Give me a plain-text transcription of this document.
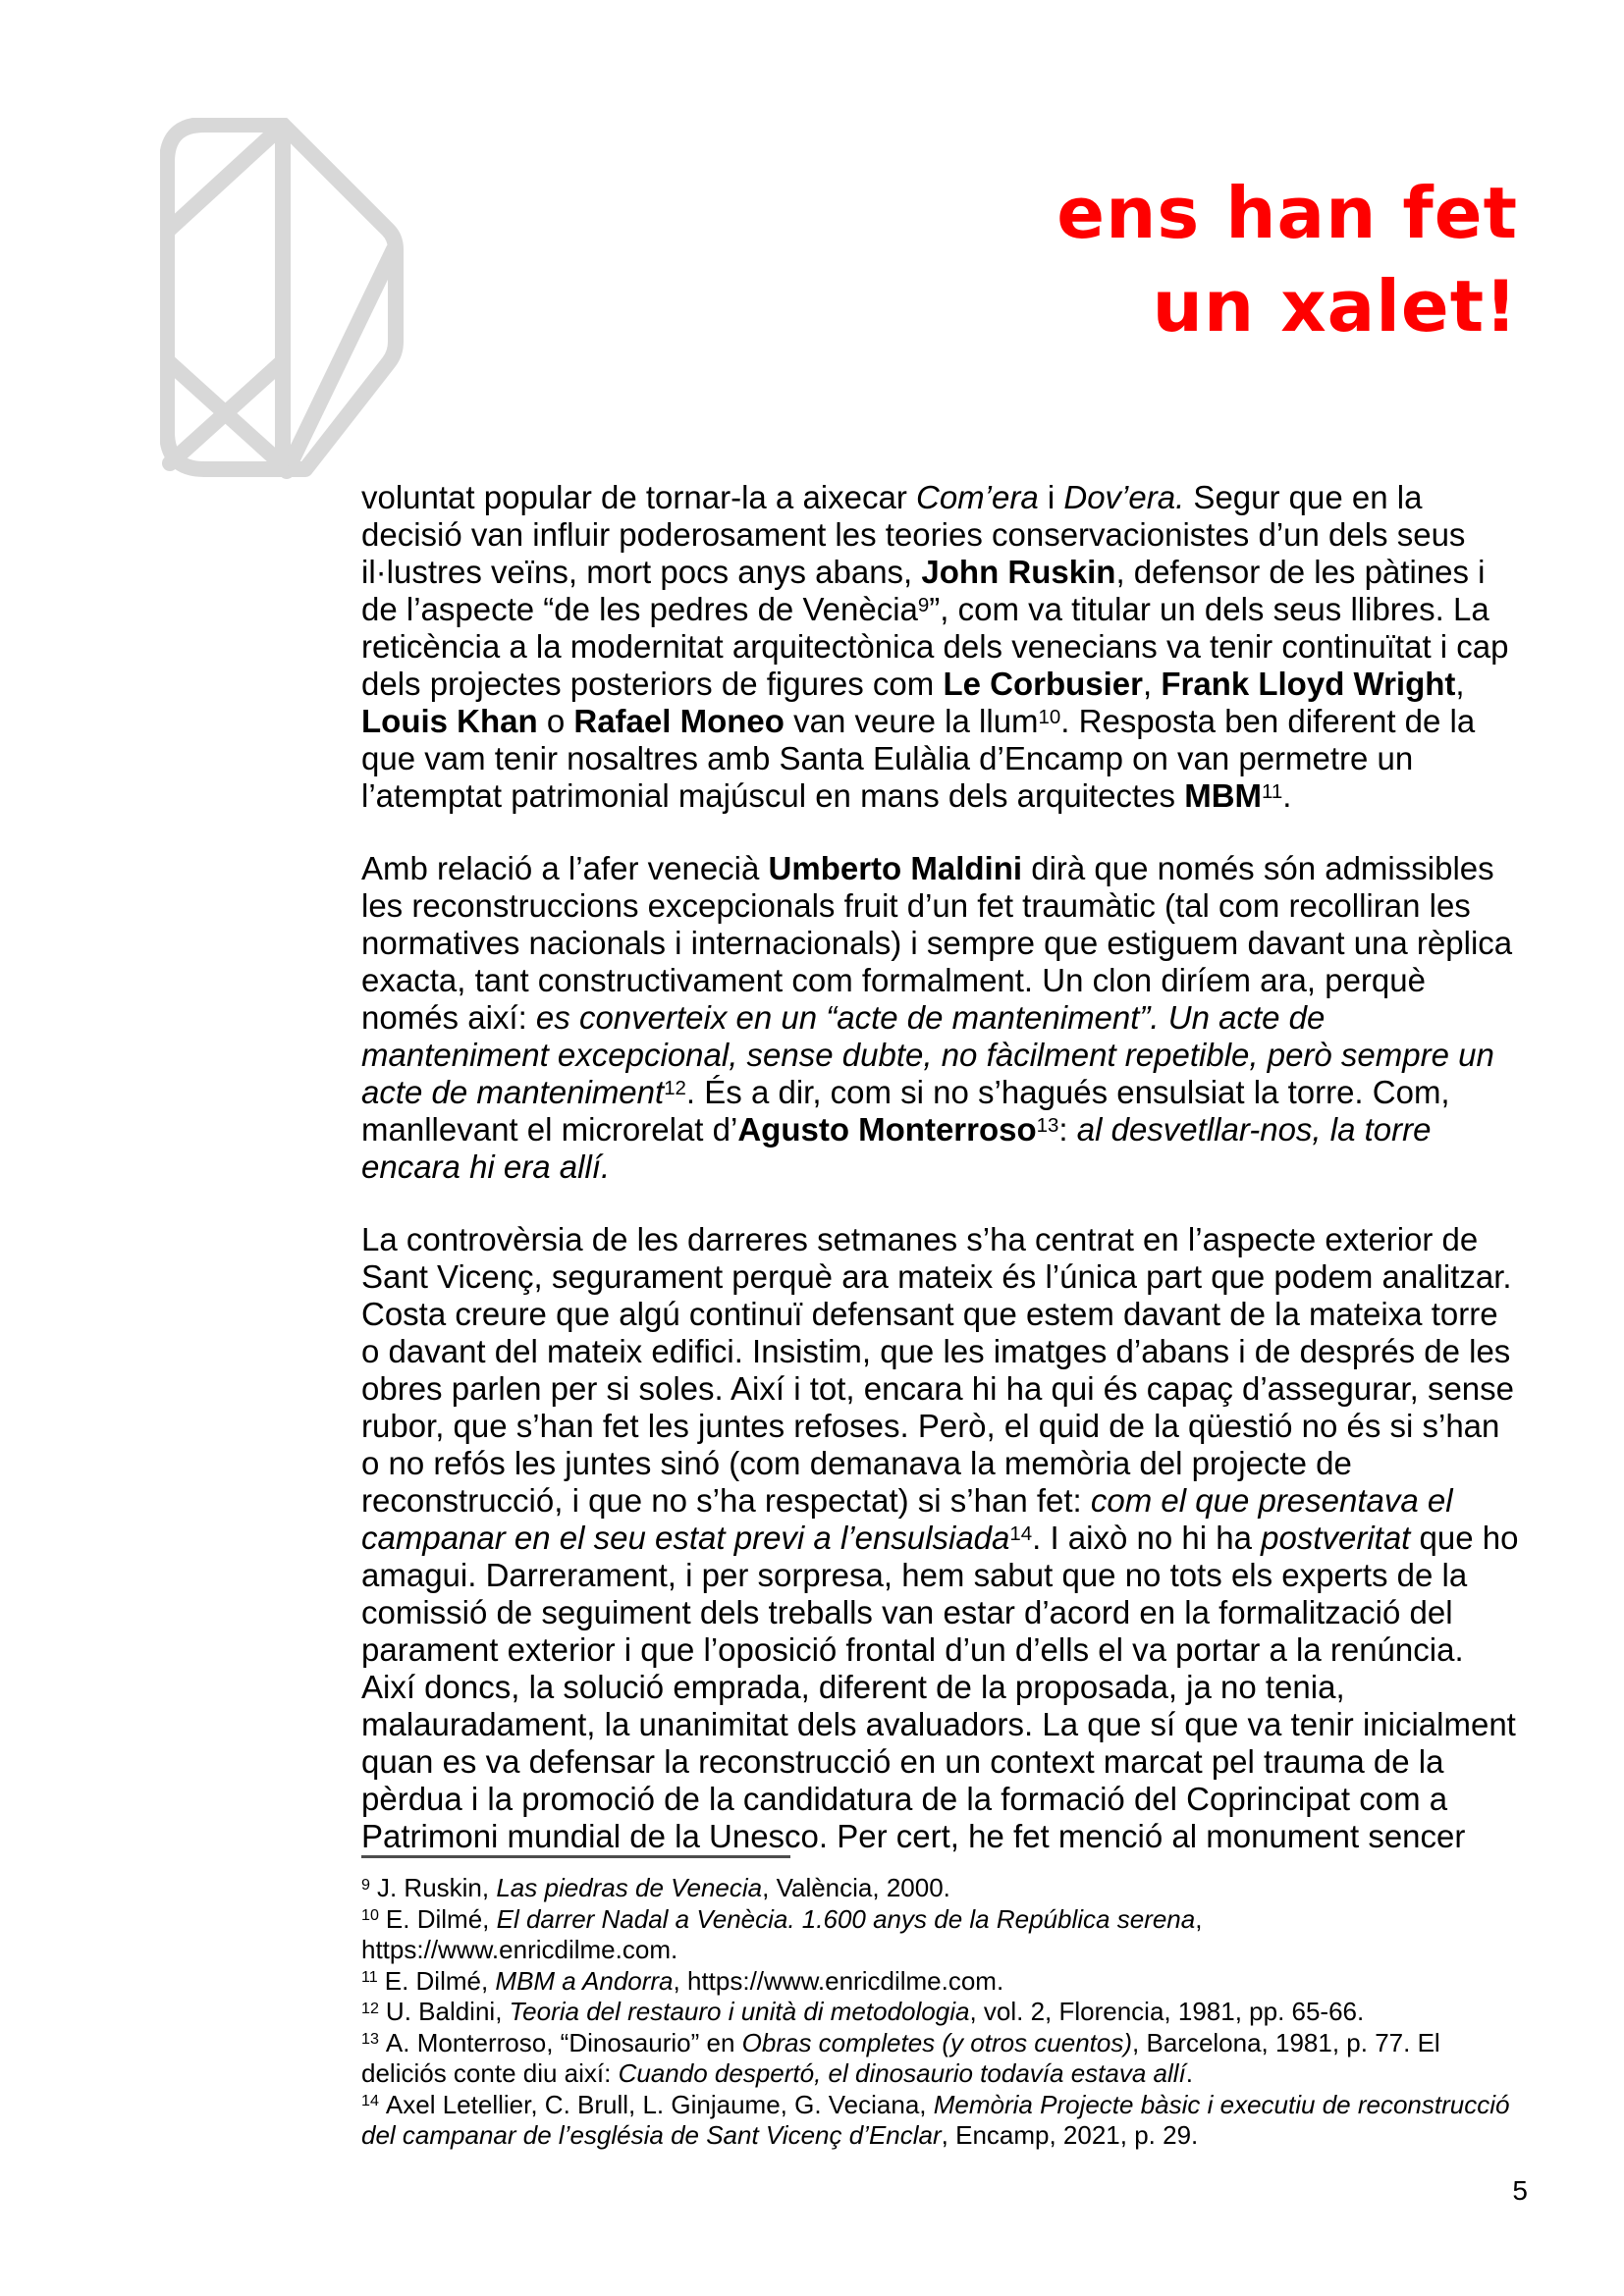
ens han fet
un xalet!

voluntat popular de tornar-la a aixecar Com’era i Dov’era. Segur que en la decisió van influir poderosament les teories conservacionistes d’un dels seus il·lustres veïns, mort pocs anys abans, John Ruskin, defensor de les pàtines i de l’aspecte “de les pedres de Venècia$^9$”, com va titular un dels seus llibres. La reticència a la modernitat arquitectònica dels venecians va tenir continuïtat i cap dels projectes posteriors de figures com Le Corbusier, Frank Lloyd Wright, Louis Khan o Rafael Moneo van veure la llum$^{10}$. Resposta ben diferent de la que vam tenir nosaltres amb Santa Eulàlia d’Encamp on van permetre un l’atemptat patrimonial majúscul en mans dels arquitectes MBM$^{11}$.

Amb relació a l’afer venecià Umberto Maldini dirà que només són admissibles les reconstruccions excepcionals fruit d’un fet traumàtic (tal com recolliran les normatives nacionals i internacionals) i sempre que estiguem davant una rèplica exacta, tant constructivament com formalment. Un clon diríem ara, perquè només així: es converteix en un “acte de manteniment”. Un acte de manteniment excepcional, sense dubte, no fàcilment repetible, però sempre un acte de manteniment$^{12}$. És a dir, com si no s’hagués ensulsiat la torre. Com, manllevant el microrelat d’Agusto Monterroso$^{13}$: al desvetllar-nos, la torre encara hi era allí.

La controvèrsia de les darreres setmanes s’ha centrat en l’aspecte exterior de Sant Vicenç, segurament perquè ara mateix és l’única part que podem analitzar. Costa creure que algú continuï defensant que estem davant de la mateixa torre o davant del mateix edifici. Insistim, que les imatges d’abans i de després de les obres parlen per si soles. Així i tot, encara hi ha qui és capaç d’assegurar, sense rubor, que s’han fet les juntes refoses. Però, el quid de la qüestió no és si s’han o no refós les juntes sinó (com demanava la memòria del projecte de reconstrucció, i que no s’ha respectat) si s’han fet: com el que presentava el campanar en el seu estat previ a l’ensulsiada$^{14}$. I això no hi ha postveritat que ho amagui. Darrerament, i per sorpresa, hem sabut que no tots els experts de la comissió de seguiment dels treballs van estar d’acord en la formalització del parament exterior i que l’oposició frontal d’un d’ells el va portar a la renúncia. Així doncs, la solució emprada, diferent de la proposada, ja no tenia, malauradament, la unanimitat dels avaluadors. La que sí que va tenir inicialment quan es va defensar la reconstrucció en un context marcat pel trauma de la pèrdua i la promoció de la candidatura de la formació del Coprincipat com a Patrimoni mundial de la Unesco. Per cert, he fet menció al monument sencer

$^9$ J. Ruskin, Las piedras de Venecia, València, 2000.
$^{10}$ E. Dilmé, El darrer Nadal a Venècia. 1.600 anys de la República serena, https://www.enricdilme.com.
$^{11}$ E. Dilmé, MBM a Andorra, https://www.enricdilme.com.
$^{12}$ U. Baldini, Teoria del restauro i unità di metodologia, vol. 2, Florencia, 1981, pp. 65-66.
$^{13}$ A. Monterroso, “Dinosaurio” en Obras completes (y otros cuentos), Barcelona, 1981, p. 77. El deliciós conte diu així: Cuando despertó, el dinosaurio todavía estava allí.
$^{14}$ Axel Letellier, C. Brull, L. Ginjaume, G. Veciana, Memòria Projecte bàsic i executiu de reconstrucció del campanar de l’església de Sant Vicenç d’Enclar, Encamp, 2021, p. 29.
5
